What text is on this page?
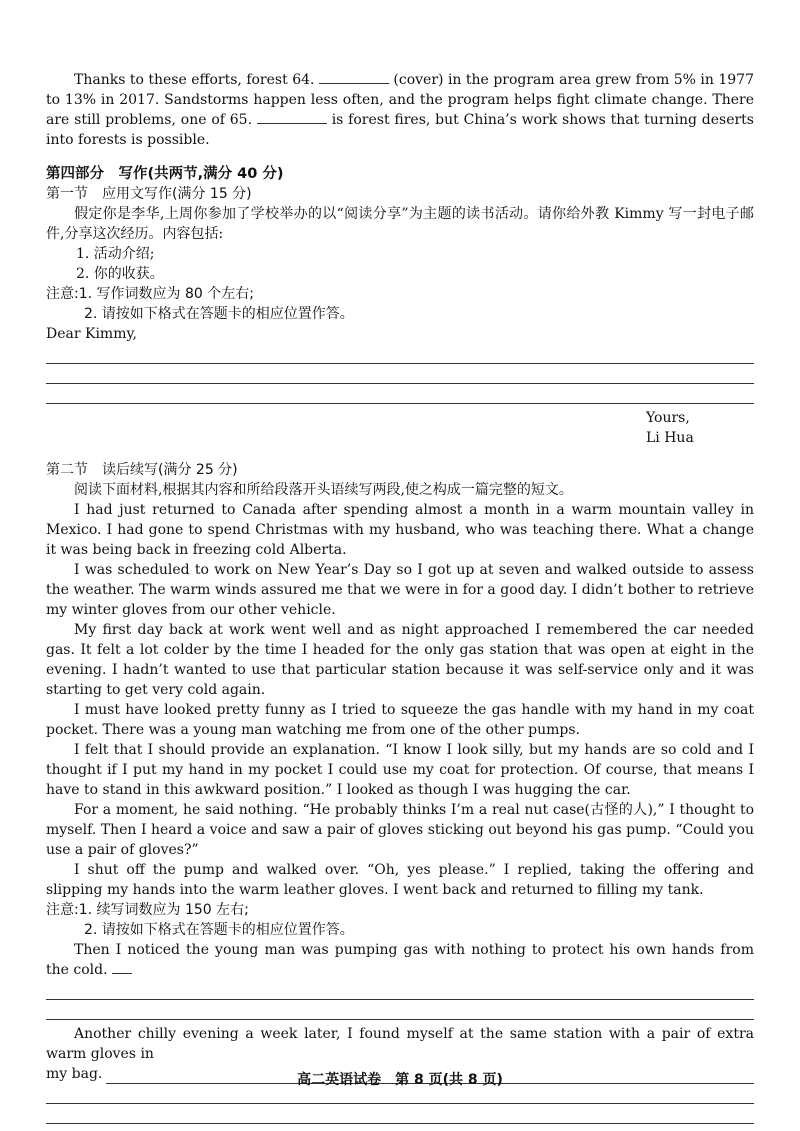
Thanks to these efforts, forest 64.	(cover) in the program area grew from 5% in 1977 to 13% in 2017. Sandstorms happen less often, and the program helps fight climate change. There are still problems, one of 65.	is forest fires, but China’s work shows that turning deserts into forests is possible.

第四部分　写作(共两节,满分 40 分)
第一节　应用文写作(满分 15 分)

假定你是李华,上周你参加了学校举办的以“阅读分享”为主题的读书活动。请你给外教 Kimmy 写一封电子邮件,分享这次经历。内容包括:

1. 活动介绍;
2. 你的收获。
注意:1. 写作词数应为 80 个左右;
2. 请按如下格式在答题卡的相应位置作答。
Dear Kimmy,
Yours,
Li Hua
第二节　读后续写(满分 25 分)

阅读下面材料,根据其内容和所给段落开头语续写两段,使之构成一篇完整的短文。

I had just returned to Canada after spending almost a month in a warm mountain valley in Mexico. I had gone to spend Christmas with my husband, who was teaching there. What a change it was being back in freezing cold Alberta.

I was scheduled to work on New Year’s Day so I got up at seven and walked outside to assess the weather. The warm winds assured me that we were in for a good day. I didn’t bother to retrieve my winter gloves from our other vehicle.

My first day back at work went well and as night approached I remembered the car needed gas. It felt a lot colder by the time I headed for the only gas station that was open at eight in the evening. I hadn’t wanted to use that particular station because it was self-service only and it was starting to get very cold again.

I must have looked pretty funny as I tried to squeeze the gas handle with my hand in my coat pocket. There was a young man watching me from one of the other pumps.

I felt that I should provide an explanation. “I know I look silly, but my hands are so cold and I thought if I put my hand in my pocket I could use my coat for protection. Of course, that means I have to stand in this awkward position.” I looked as though I was hugging the car.

For a moment, he said nothing. “He probably thinks I’m a real nut case(古怪的人),” I thought to myself. Then I heard a voice and saw a pair of gloves sticking out beyond his gas pump. “Could you use a pair of gloves?”

I shut off the pump and walked over. “Oh, yes please.” I replied, taking the offering and slipping my hands into the warm leather gloves. I went back and returned to filling my tank.

注意:1. 续写词数应为 150 左右;
2. 请按如下格式在答题卡的相应位置作答。

Then I noticed the young man was pumping gas with nothing to protect his own hands from the cold.

Another chilly evening a week later, I found myself at the same station with a pair of extra warm gloves in

my bag.	高二英语试卷　第 8 页(共 8 页)
